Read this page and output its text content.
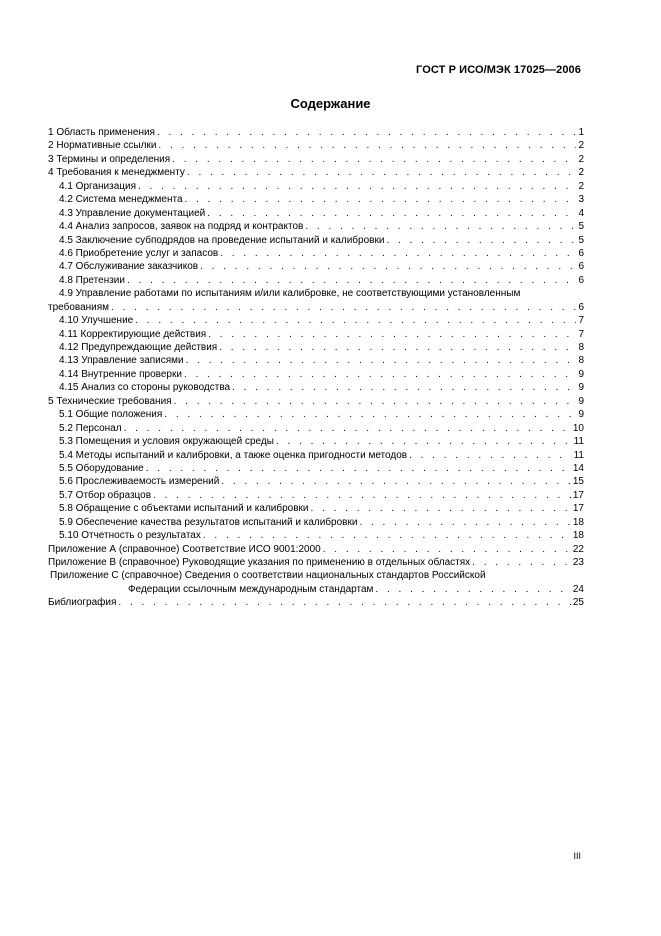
ГОСТ Р ИСО/МЭК 17025—2006
Содержание
1 Область применения . . .	1
2 Нормативные ссылки . . .	2
3 Термины и определения . . .	2
4 Требования к менеджменту . . .	2
4.1 Организация . . .	2
4.2 Система менеджмента . . .	3
4.3 Управление документацией . . .	4
4.4 Анализ запросов, заявок на подряд и контрактов . . .	5
4.5 Заключение субподрядов на проведение испытаний и калибровки . . .	5
4.6 Приобретение услуг и запасов . . .	6
4.7 Обслуживание заказчиков . . .	6
4.8 Претензии . . .	6
4.9 Управление работами по испытаниям и/или калибровке, не соответствующими установленным
требованиям . . .	6
4.10 Улучшение . . .	7
4.11 Корректирующие действия . . .	7
4.12 Предупреждающие действия . . .	8
4.13 Управление записями . . .	8
4.14 Внутренние проверки . . .	9
4.15 Анализ со стороны руководства . . .	9
5 Технические требования . . .	9
5.1 Общие положения . . .	9
5.2 Персонал . . .	10
5.3 Помещения и условия окружающей среды . . .	11
5.4 Методы испытаний и калибровки, а также оценка пригодности методов . . .	11
5.5 Оборудование . . .	14
5.6 Прослеживаемость измерений . . .	15
5.7 Отбор образцов . . .	17
5.8 Обращение с объектами испытаний и калибровки . . .	17
5.9 Обеспечение качества результатов испытаний и калибровки . . .	18
5.10 Отчетность о результатах . . .	18
Приложение А (справочное) Соответствие ИСО 9001:2000 . . .	22
Приложение В (справочное) Руководящие указания по применению в отдельных областях . . .	23
Приложение С (справочное) Сведения о соответствии национальных стандартов Российской
Федерации ссылочным международным стандартам . . .	24
Библиография . . .	25
III
